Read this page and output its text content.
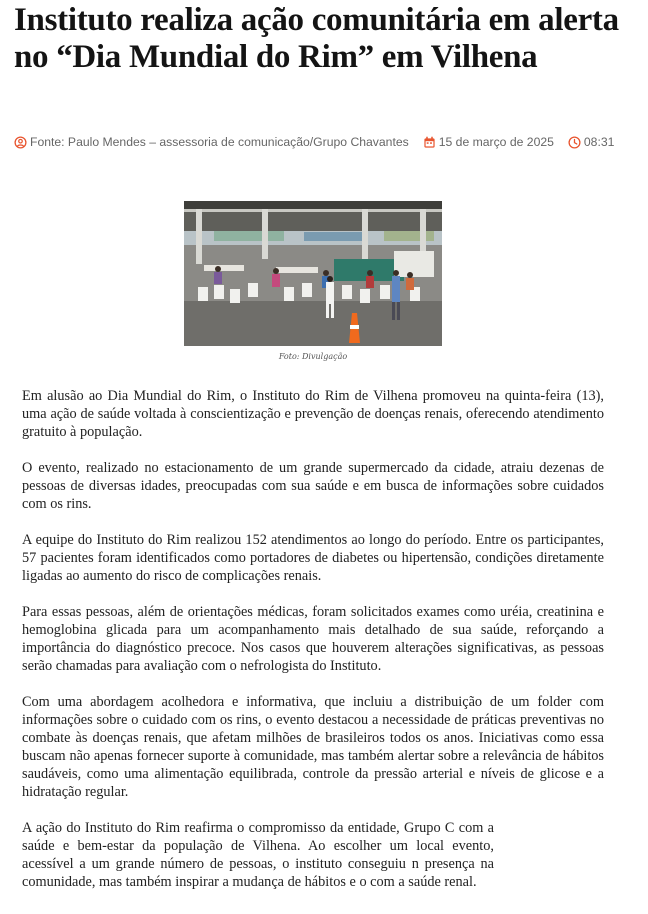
Instituto realiza ação comunitária em alerta no “Dia Mundial do Rim” em Vilhena
Fonte: Paulo Mendes – assessoria de comunicação/Grupo Chavantes 15 de março de 2025 08:31
Foto: Divulgação

Em alusão ao Dia Mundial do Rim, o Instituto do Rim de Vilhena promoveu na quinta-feira (13), uma ação de saúde voltada à conscientização e prevenção de doenças renais, oferecendo atendimento gratuito à população.

O evento, realizado no estacionamento de um grande supermercado da cidade, atraiu dezenas de pessoas de diversas idades, preocupadas com sua saúde e em busca de informações sobre cuidados com os rins.

A equipe do Instituto do Rim realizou 152 atendimentos ao longo do período. Entre os participantes, 57 pacientes foram identificados como portadores de diabetes ou hipertensão, condições diretamente ligadas ao aumento do risco de complicações renais.

Para essas pessoas, além de orientações médicas, foram solicitados exames como uréia, creatinina e hemoglobina glicada para um acompanhamento mais detalhado de sua saúde, reforçando a importância do diagnóstico precoce. Nos casos que houverem alterações significativas, as pessoas serão chamadas para avaliação com o nefrologista do Instituto.

Com uma abordagem acolhedora e informativa, que incluiu a distribuição de um folder com informações sobre o cuidado com os rins, o evento destacou a necessidade de práticas preventivas no combate às doenças renais, que afetam milhões de brasileiros todos os anos. Iniciativas como essa buscam não apenas fornecer suporte à comunidade, mas também alertar sobre a relevância de hábitos saudáveis, como uma alimentação equilibrada, controle da pressão arterial e níveis de glicose e a hidratação regular.

A ação do Instituto do Rim reafirma o compromisso da entidade, Grupo C com a saúde e bem-estar da população de Vilhena. Ao escolher um local evento, acessível a um grande número de pessoas, o instituto conseguiu n presença na comunidade, mas também inspirar a mudança de hábitos e o com a saúde renal.
